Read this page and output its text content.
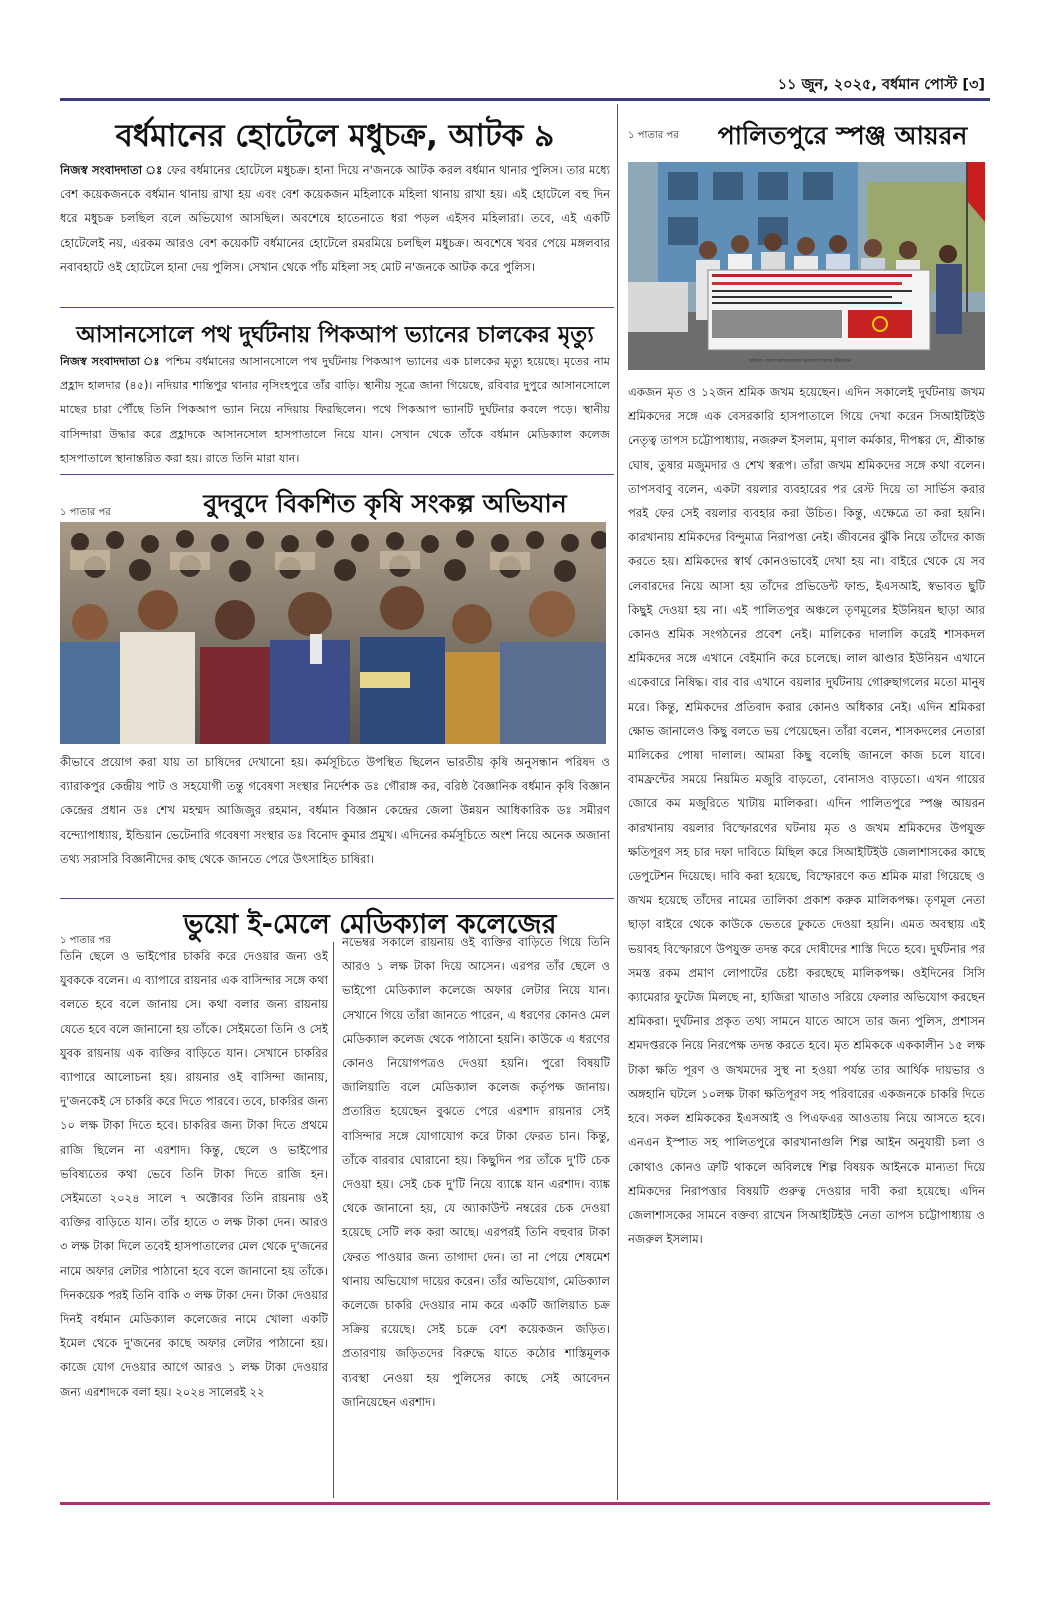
১১ জুন, ২০২৫, বর্ধমান পোস্ট [৩]
বর্ধমানের হোটেলে মধুচক্র, আটক ৯
নিজস্ব সংবাদদাতা ঃ ফের বর্ধমানের হোটেলে মধুচক্র। হানা দিয়ে ন'জনকে আটক করল বর্ধমান থানার পুলিস। তার মধ্যে বেশ কয়েকজনকে বর্ধমান থানায় রাখা হয় এবং বেশ কয়েকজন মহিলাকে মহিলা থানায় রাখা হয়। এই হোটেলে বহু দিন ধরে মধুচক্র চলছিল বলে অভিযোগ আসছিল। অবশেষে হাতেনাতে ধরা পড়ল এইসব মহিলারা। তবে, এই একটি হোটেলেই নয়, এরকম আরও বেশ কয়েকটি বর্ধমানের হোটেলে রমরমিয়ে চলছিল মধুচক্র। অবশেষে খবর পেয়ে মঙ্গলবার নবাবহাটে ওই হোটেলে হানা দেয় পুলিস। সেখান থেকে পাঁচ মহিলা সহ মোট ন'জনকে আটক করে পুলিস।
আসানসোলে পথ দুর্ঘটনায় পিকআপ ভ্যানের চালকের মৃত্যু
নিজস্ব সংবাদদাতা ঃ পশ্চিম বর্ধমানের আসানসোলে পথ দুর্ঘটনায় পিকআপ ভ্যানের এক চালকের মৃত্যু হয়েছে। মৃতের নাম প্রহ্লাদ হালদার (৪৫)। নদিয়ার শান্তিপুর থানার নৃসিংহপুরে তাঁর বাড়ি। স্থানীয় সূত্রে জানা গিয়েছে, রবিবার দুপুরে আসানসোলে মাছের চারা পৌঁছে তিনি পিকআপ ভ্যান নিয়ে নদিয়ায় ফিরছিলেন। পথে পিকআপ ভ্যানটি দুর্ঘটনার কবলে পড়ে। স্থানীয় বাসিন্দারা উদ্ধার করে প্রহ্লাদকে আসানসোল হাসপাতালে নিয়ে যান। সেখান থেকে তাঁকে বর্ধমান মেডিক্যাল কলেজ হাসপাতালে স্থানান্তরিত করা হয়। রাতে তিনি মারা যান।
১ পাতার পর	বুদবুদে বিকশিত কৃষি সংকল্প অভিযান
কীভাবে প্রয়োগ করা যায় তা চাষিদের দেখানো হয়। কর্মসূচিতে উপস্থিত ছিলেন ভারতীয় কৃষি অনুসন্ধান পরিষদ ও ব্যারাকপুর কেন্দ্রীয় পাট ও সহযোগী তন্তু গবেষণা সংস্থার নির্দেশক ডঃ গৌরাঙ্গ কর, বরিষ্ঠ বৈজ্ঞানিক বর্ধমান কৃষি বিজ্ঞান কেন্দ্রের প্রধান ডঃ শেখ মহম্মদ আজিজুর রহমান, বর্ধমান বিজ্ঞান কেন্দ্রের জেলা উন্নয়ন আধিকারিক ডঃ সমীরণ বন্দ্যোপাধ্যায়, ইন্ডিয়ান ভেটেনারি গবেষণা সংস্থার ডঃ বিনোদ কুমার প্রমুখ। এদিনের কর্মসূচিতে অংশ নিয়ে অনেক অজানা তথ্য সরাসরি বিজ্ঞানীদের কাছ থেকে জানতে পেরে উৎসাহিত চাষিরা।
১ পাতার পর
ভুয়ো ই-মেলে মেডিক্যাল কলেজের
তিনি ছেলে ও ভাইপোর চাকরি করে দেওয়ার জন্য ওই যুবককে বলেন। এ ব্যাপারে রায়নার এক বাসিন্দার সঙ্গে কথা বলতে হবে বলে জানায় সে। কথা বলার জন্য রায়নায় যেতে হবে বলে জানানো হয় তাঁকে। সেইমতো তিনি ও সেই যুবক রায়নায় এক ব্যক্তির বাড়িতে যান। সেখানে চাকরির ব্যাপারে আলোচনা হয়। রায়নার ওই বাসিন্দা জানায়, দু'জনকেই সে চাকরি করে দিতে পারবে। তবে, চাকরির জন্য ১০ লক্ষ টাকা দিতে হবে। চাকরির জন্য টাকা দিতে প্রথমে রাজি ছিলেন না এরশাদ। কিন্তু, ছেলে ও ভাইপোর ভবিষ্যতের কথা ভেবে তিনি টাকা দিতে রাজি হন। সেইমতো ২০২৪ সালে ৭ অক্টোবর তিনি রায়নায় ওই ব্যক্তির বাড়িতে যান। তাঁর হাতে ৩ লক্ষ টাকা দেন। আরও ৩ লক্ষ টাকা দিলে তবেই হাসপাতালের মেল থেকে দু'জনের নামে অফার লেটার পাঠানো হবে বলে জানানো হয় তাঁকে। দিনকয়েক পরই তিনি বাকি ৩ লক্ষ টাকা দেন। টাকা দেওয়ার দিনই বর্ধমান মেডিক্যাল কলেজের নামে খোলা একটি ইমেল থেকে দু'জনের কাছে অফার লেটার পাঠানো হয়। কাজে যোগ দেওয়ার আগে আরও ১ লক্ষ টাকা দেওয়ার জন্য এরশাদকে বলা হয়। ২০২৪ সালেরই ২২
নভেম্বর সকালে রায়নায় ওই ব্যক্তির বাড়িতে গিয়ে তিনি আরও ১ লক্ষ টাকা দিয়ে আসেন। এরপর তাঁর ছেলে ও ভাইপো মেডিক্যাল কলেজে অফার লেটার নিয়ে যান। সেখানে গিয়ে তাঁরা জানতে পারেন, এ ধরণের কোনও মেল মেডিক্যাল কলেজ থেকে পাঠানো হয়নি। কাউকে এ ধরণের কোনও নিয়োগপত্রও দেওয়া হয়নি। পুরো বিষয়টি জালিয়াতি বলে মেডিক্যাল কলেজ কর্তৃপক্ষ জানায়। প্রতারিত হয়েছেন বুঝতে পেরে এরশাদ রায়নার সেই বাসিন্দার সঙ্গে যোগাযোগ করে টাকা ফেরত চান। কিন্তু, তাঁকে বারবার ঘোরানো হয়। কিছুদিন পর তাঁকে দু'টি চেক দেওয়া হয়। সেই চেক দু'টি নিয়ে ব্যাঙ্কে যান এরশাদ। ব্যাঙ্ক থেকে জানানো হয়, যে অ্যাকাউন্ট নম্বরের চেক দেওয়া হয়েছে সেটি লক করা আছে। এরপরই তিনি বহুবার টাকা ফেরত পাওয়ার জন্য তাগাদা দেন। তা না পেয়ে শেষমেশ থানায় অভিযোগ দায়ের করেন। তাঁর অভিযোগ, মেডিক্যাল কলেজে চাকরি দেওয়ার নাম করে একটি জালিয়াত চক্র সক্রিয় রয়েছে। সেই চক্রে বেশ কয়েকজন জড়িত। প্রতারণায় জড়িতদের বিরুদ্ধে যাতে কঠোর শাস্তিমূলক ব্যবস্থা নেওয়া হয় পুলিসের কাছে সেই আবেদন জানিয়েছেন এরশাদ।
১ পাতার পর	পালিতপুরে স্পঞ্জ আয়রন
বর্ধমান জেলা অ্যাডভাকেট অ্যাসোসিয়েশন ইউনিয়ন
একজন মৃত ও ১২জন শ্রমিক জখম হয়েছেন। এদিন সকালেই দুর্ঘটনায় জখম শ্রমিকদের সঙ্গে এক বেসরকারি হাসপাতালে গিয়ে দেখা করেন সিআইটিইউ নেতৃত্ব তাপস চট্টোপাধ্যায়, নজরুল ইসলাম, মৃণাল কর্মকার, দীপঙ্কর দে, শ্রীকান্ত ঘোষ, তুষার মজুমদার ও শেখ স্বরূপ। তাঁরা জখম শ্রমিকদের সঙ্গে কথা বলেন। তাপসবাবু বলেন, একটা বয়লার ব্যবহারের পর রেস্ট দিয়ে তা সার্ভিস করার পরই ফের সেই বয়লার ব্যবহার করা উচিত। কিন্তু, এক্ষেত্রে তা করা হয়নি। কারখানায় শ্রমিকদের বিন্দুমাত্র নিরাপত্তা নেই। জীবনের ঝুঁকি নিয়ে তাঁদের কাজ করতে হয়। শ্রমিকদের স্বার্থ কোনওভাবেই দেখা হয় না। বাইরে থেকে যে সব লেবারদের নিয়ে আসা হয় তাঁদের প্রভিডেন্ট ফান্ড, ইএসআই, স্বভাবত ছুটি কিছুই দেওয়া হয় না। এই পালিতপুর অঞ্চলে তৃণমূলের ইউনিয়ন ছাড়া আর কোনও শ্রমিক সংগঠনের প্রবেশ নেই। মালিকের দালালি করেই শাসকদল শ্রমিকদের সঙ্গে এখানে বেইমানি করে চলেছে। লাল ঝাণ্ডার ইউনিয়ন এখানে একেবারে নিষিদ্ধ। বার বার এখানে বয়লার দুর্ঘটনায় গোরুছাগলের মতো মানুষ মরে। কিন্তু, শ্রমিকদের প্রতিবাদ করার কোনও অধিকার নেই। এদিন শ্রমিকরা ক্ষোভ জানালেও কিছু বলতে ভয় পেয়েছেন। তাঁরা বলেন, শাসকদলের নেতারা মালিকের পোষা দালাল। আমরা কিছু বলেছি জানলে কাজ চলে যাবে। বামফ্রন্টের সময়ে নিয়মিত মজুরি বাড়তো, বোনাসও বাড়তো। এখন গায়ের জোরে কম মজুরিতে খাটায় মালিকরা। এদিন পালিতপুরে স্পঞ্জ আয়রন কারখানায় বয়লার বিস্ফোরণের ঘটনায় মৃত ও জখম শ্রমিকদের উপযুক্ত ক্ষতিপূরণ সহ চার দফা দাবিতে মিছিল করে সিআইটিইউ জেলাশাসকের কাছে ডেপুটেশন দিয়েছে। দাবি করা হয়েছে, বিস্ফোরণে কত শ্রমিক মারা গিয়েছে ও জখম হয়েছে তাঁদের নামের তালিকা প্রকাশ করুক মালিকপক্ষ। তৃণমূল নেতা ছাড়া বাইরে থেকে কাউকে ভেতরে ঢুকতে দেওয়া হয়নি। এমত অবস্থায় এই ভয়াবহ বিস্ফোরণে উপযুক্ত তদন্ত করে দোষীদের শাস্তি দিতে হবে। দুর্ঘটনার পর সমস্ত রকম প্রমাণ লোপাটের চেষ্টা করছেছে মালিকপক্ষ। ওইদিনের সিসি ক্যামেরার ফুটেজ মিলছে না, হাজিরা খাতাও সরিয়ে ফেলার অভিযোগ করছেন শ্রমিকরা। দুর্ঘটনার প্রকৃত তথ্য সামনে যাতে আসে তার জন্য পুলিস, প্রশাসন শ্রমদপ্তরকে নিয়ে নিরপেক্ষ তদন্ত করতে হবে। মৃত শ্রমিককে এককালীন ১৫ লক্ষ টাকা ক্ষতি পূরণ ও জখমদের সুস্থ না হওয়া পর্যন্ত তার আর্থিক দায়ভার ও অঙ্গহানি ঘটলে ১০লক্ষ টাকা ক্ষতিপূরণ সহ পরিবারের একজনকে চাকরি দিতে হবে। সকল শ্রমিককের ইএসআই ও পিএফএর আওতায় নিয়ে আসতে হবে। এনএন ইস্পাত সহ পালিতপুরে কারখানাগুলি শিল্প আইন অনুযায়ী চলা ও কোথাও কোনও ত্রুটি থাকলে অবিলম্বে শিল্প বিষয়ক আইনকে মান্যতা দিয়ে শ্রমিকদের নিরাপত্তার বিষয়টি গুরুত্ব দেওয়ার দাবী করা হয়েছে। এদিন জেলাশাসকের সামনে বক্তব্য রাখেন সিআইটিইউ নেতা তাপস চট্টোপাধ্যায় ও নজরুল ইসলাম।
